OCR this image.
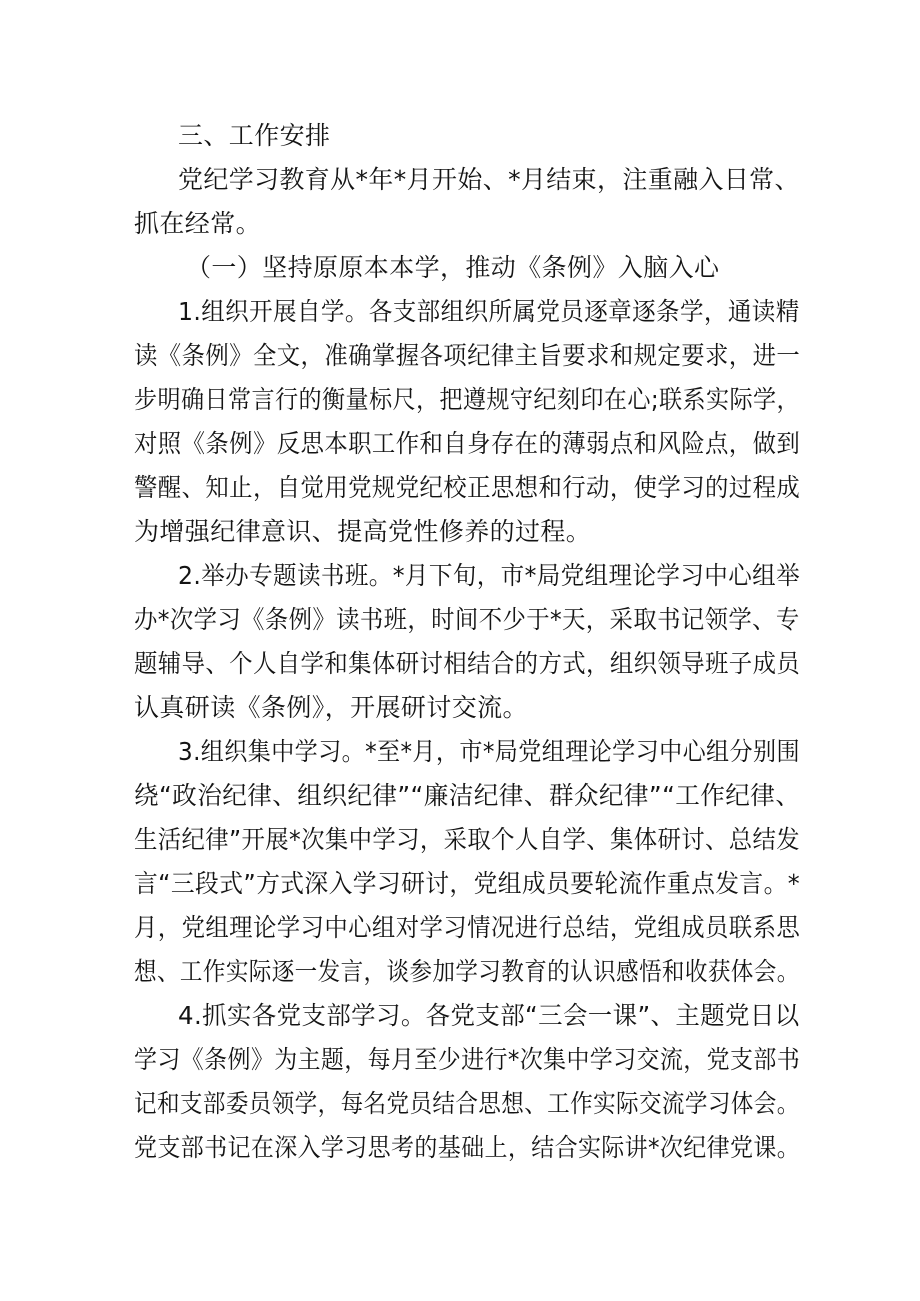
三、工作安排
党纪学习教育从*年*月开始、*月结束，注重融入日常、
抓在经常。
（一）坚持原原本本学，推动《条例》入脑入心
1.组织开展自学。各支部组织所属党员逐章逐条学，通读精
读《条例》全文，准确掌握各项纪律主旨要求和规定要求，进一
步明确日常言行的衡量标尺，把遵规守纪刻印在心;联系实际学，
对照《条例》反思本职工作和自身存在的薄弱点和风险点，做到
警醒、知止，自觉用党规党纪校正思想和行动，使学习的过程成
为增强纪律意识、提高党性修养的过程。
2.举办专题读书班。*月下旬，市*局党组理论学习中心组举
办*次学习《条例》读书班，时间不少于*天，采取书记领学、专
题辅导、个人自学和集体研讨相结合的方式，组织领导班子成员
认真研读《条例》，开展研讨交流。
3.组织集中学习。*至*月，市*局党组理论学习中心组分别围
绕“政治纪律、组织纪律”“廉洁纪律、群众纪律”“工作纪律、
生活纪律”开展*次集中学习，采取个人自学、集体研讨、总结发
言“三段式”方式深入学习研讨，党组成员要轮流作重点发言。*
月，党组理论学习中心组对学习情况进行总结，党组成员联系思
想、工作实际逐一发言，谈参加学习教育的认识感悟和收获体会。
4.抓实各党支部学习。各党支部“三会一课”、主题党日以
学习《条例》为主题，每月至少进行*次集中学习交流，党支部书
记和支部委员领学，每名党员结合思想、工作实际交流学习体会。
党支部书记在深入学习思考的基础上，结合实际讲*次纪律党课。
